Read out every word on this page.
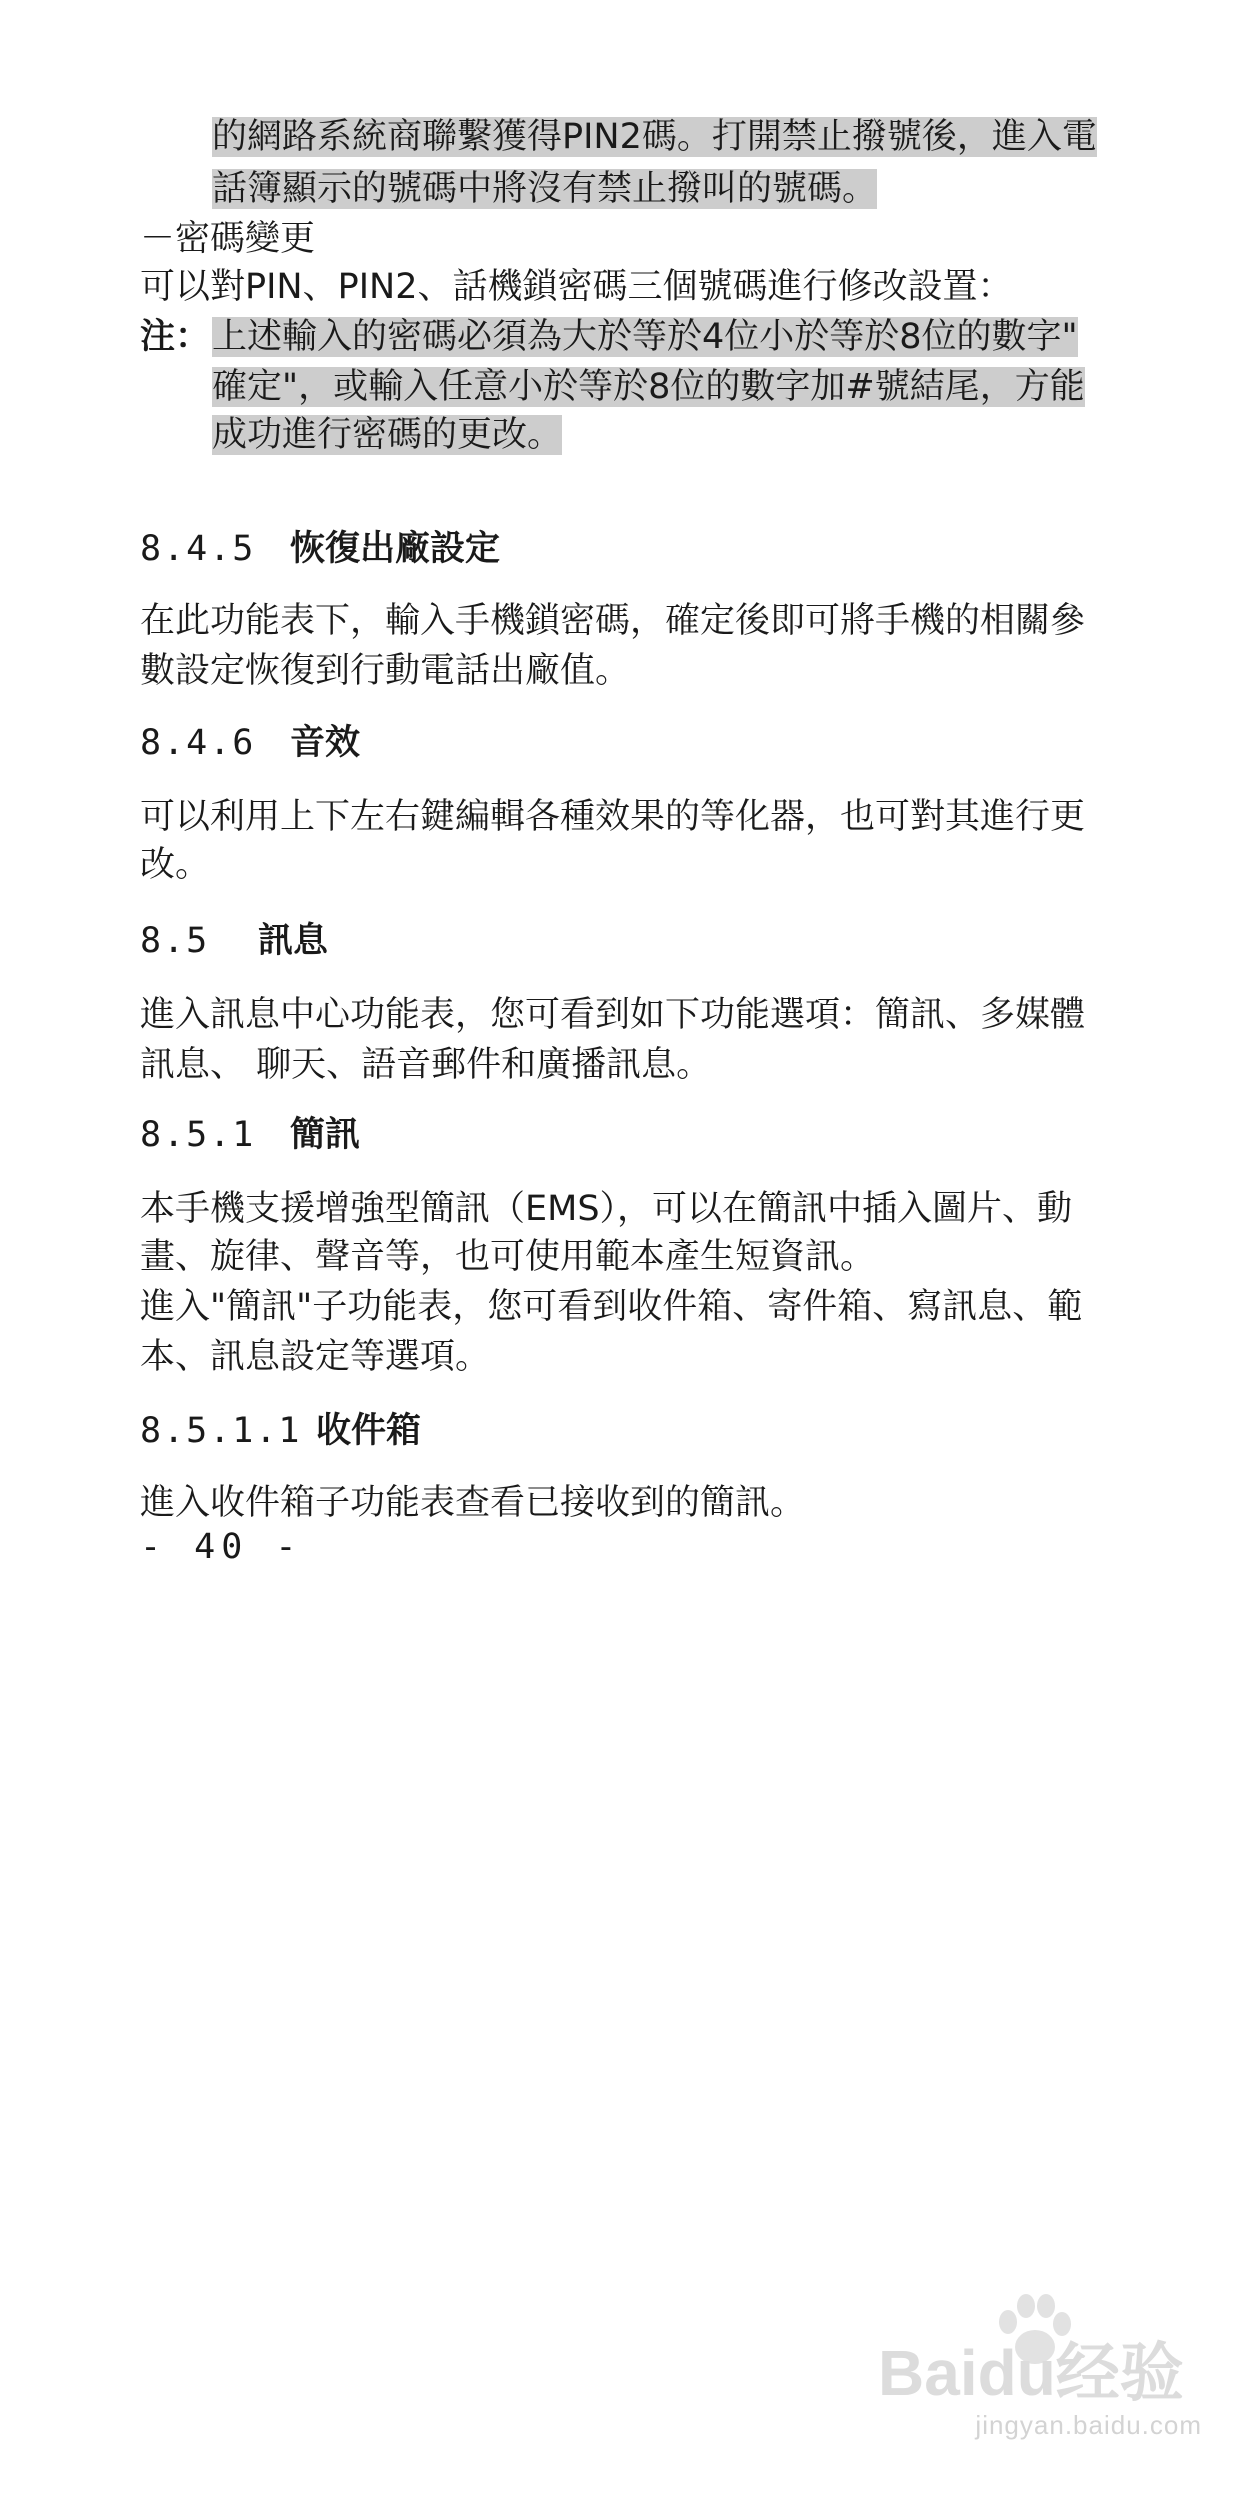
的網路系統商聯繫獲得PIN2碼。打開禁止撥號後，進入電
話簿顯示的號碼中將沒有禁止撥叫的號碼。
－密碼變更
可以對PIN、PIN2、話機鎖密碼三個號碼進行修改設置：
注： 上述輸入的密碼必須為大於等於4位小於等於8位的數字"
確定"，或輸入任意小於等於8位的數字加#號結尾，方能
成功進行密碼的更改。
8.4.5 恢復出廠設定
在此功能表下，輸入手機鎖密碼，確定後即可將手機的相關參
數設定恢復到行動電話出廠值。
8.4.6 音效
可以利用上下左右鍵編輯各種效果的等化器，也可對其進行更
改。
8.5 訊息
進入訊息中心功能表，您可看到如下功能選項：簡訊、多媒體
訊息、 聊天、語音郵件和廣播訊息。
8.5.1 簡訊
本手機支援增強型簡訊（EMS），可以在簡訊中插入圖片、動
畫、旋律、聲音等，也可使用範本產生短資訊。
進入"簡訊"子功能表，您可看到收件箱、寄件箱、寫訊息、範
本、訊息設定等選項。
8.5.1.1 收件箱
進入收件箱子功能表查看已接收到的簡訊。
- 40 -
Baidu经验
jingyan.baidu.com
